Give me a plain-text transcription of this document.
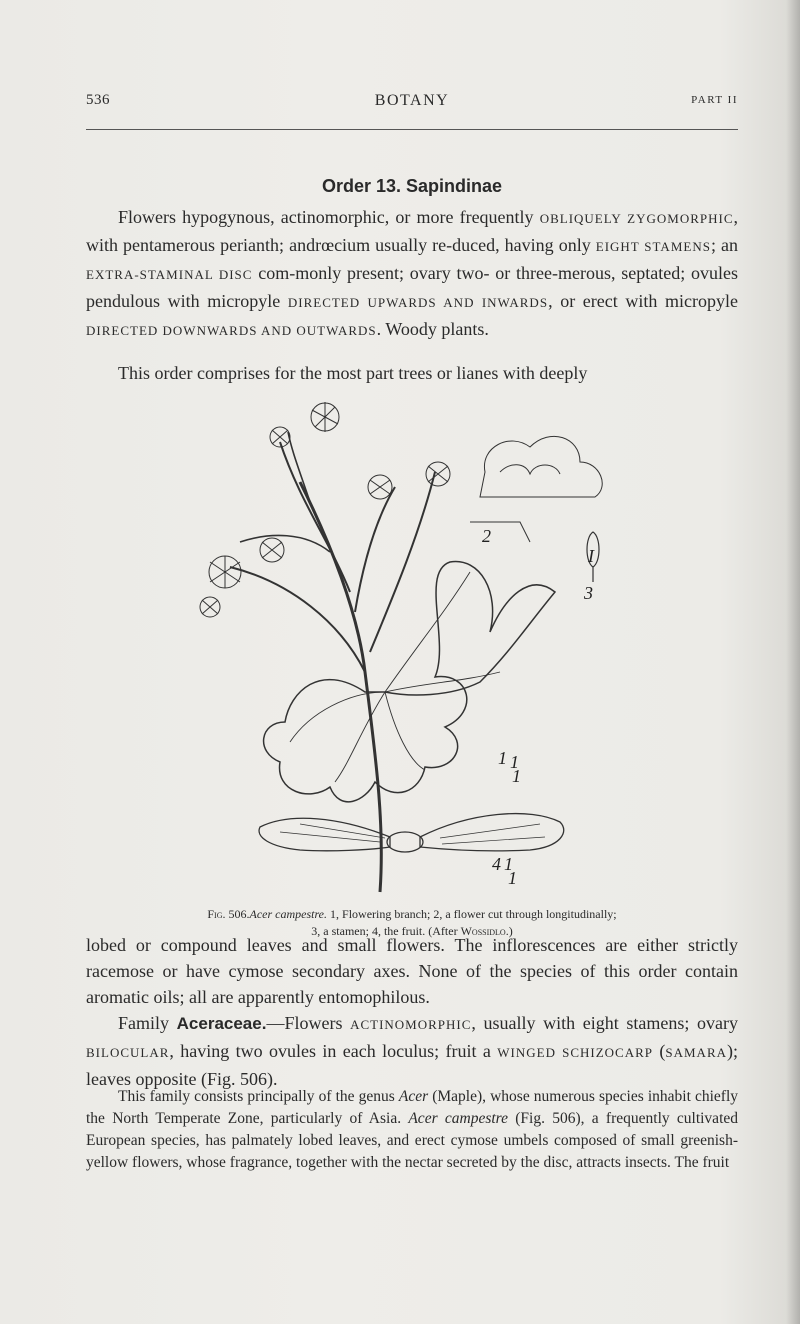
536	BOTANY	PART II
Order 13. Sapindinae

Flowers hypogynous, actinomorphic, or more frequently OBLIQUELY ZYGOMORPHIC, with pentamerous perianth; andrœcium usually re-duced, having only EIGHT STAMENS; an EXTRA-STAMINAL DISC com-monly present; ovary two- or three-merous, septated; ovules pendulous with micropyle DIRECTED UPWARDS AND INWARDS, or erect with micropyle DIRECTED DOWNWARDS AND OUTWARDS. Woody plants.

This order comprises for the most part trees or lianes with deeply

2
3
4
1 1
1
1
1
I
Fig. 506.Acer campestre. 1, Flowering branch; 2, a flower cut through longitudinally;
3, a stamen; 4, the fruit. (After Wossidlo.)

lobed or compound leaves and small flowers. The inflorescences are either strictly racemose or have cymose secondary axes. None of the species of this order contain aromatic oils; all are apparently entomophilous.
Family Aceraceae.—Flowers ACTINOMORPHIC, usually with eight stamens; ovary BILOCULAR, having two ovules in each loculus; fruit a WINGED SCHIZOCARP (SAMARA); leaves opposite (Fig. 506).

This family consists principally of the genus Acer (Maple), whose numerous species inhabit chiefly the North Temperate Zone, particularly of Asia. Acer campestre (Fig. 506), a frequently cultivated European species, has palmately lobed leaves, and erect cymose umbels composed of small greenish-yellow flowers, whose fragrance, together with the nectar secreted by the disc, attracts insects. The fruit
